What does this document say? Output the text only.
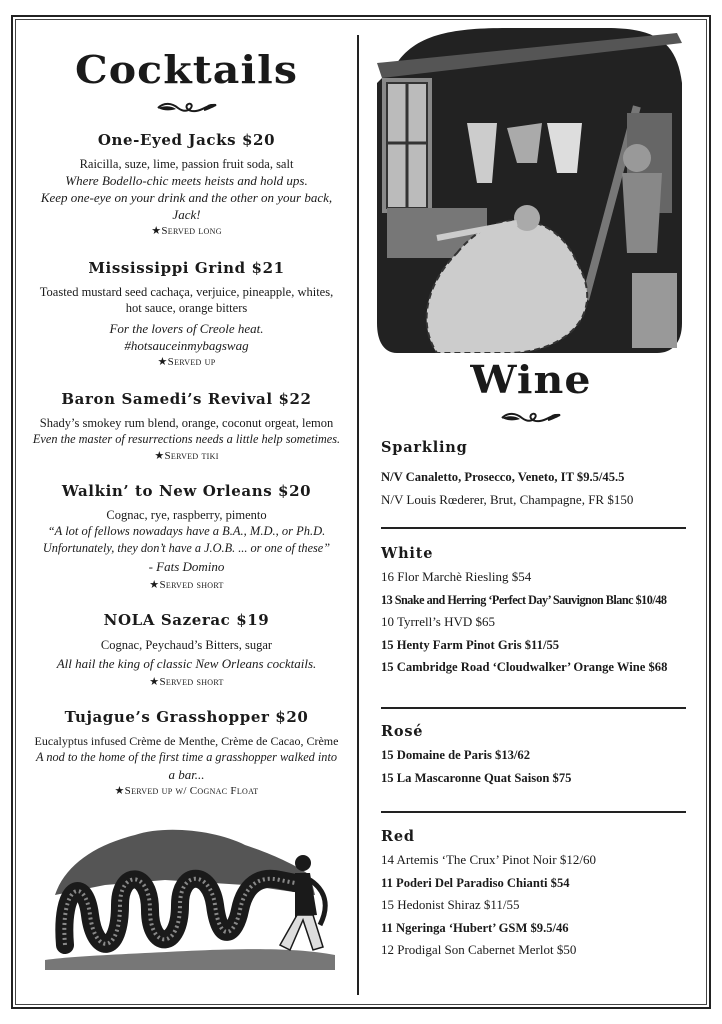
Cocktails
One-Eyed Jacks $20
Raicilla, suze, lime, passion fruit soda, salt
Where Bodello-chic meets heists and hold ups.
Keep one-eye on your drink and the other on your back,
Jack!
★Served long
Mississippi Grind $21
Toasted mustard seed cachaça, verjuice, pineapple, whites,
hot sauce, orange bitters
For the lovers of Creole heat.
#hotsauceinmybagswag
★Served up
Baron Samedi’s Revival $22
Shady’s smokey rum blend, orange, coconut orgeat, lemon
Even the master of resurrections needs a little help sometimes.
★Served tiki
Walkin’ to New Orleans $20
Cognac, rye, raspberry, pimento
“A lot of fellows nowadays have a B.A., M.D., or Ph.D.
Unfortunately, they don’t have a J.O.B. ... or one of these”
- Fats Domino
★Served short
NOLA Sazerac $19
Cognac, Peychaud’s Bitters, sugar
All hail the king of classic New Orleans cocktails.
★Served short
Tujague’s Grasshopper $20
Eucalyptus infused Crème de Menthe, Crème de Cacao, Crème
A nod to the home of the first time a grasshopper walked into
a bar...
★Served up w/ Cognac Float
Wine
Sparkling
N/V Canaletto, Prosecco, Veneto, IT $9.5/45.5
N/V Louis Rœderer, Brut, Champagne, FR $150
White
16 Flor Marchè Riesling $54
13 Snake and Herring ‘Perfect Day’ Sauvignon Blanc $10/48
10 Tyrrell’s HVD $65
15 Henty Farm Pinot Gris $11/55
15 Cambridge Road ‘Cloudwalker’ Orange Wine $68
Rosé
15 Domaine de Paris $13/62
15 La Mascaronne Quat Saison $75
Red
14 Artemis ‘The Crux’ Pinot Noir $12/60
11 Poderi Del Paradiso Chianti $54
15 Hedonist Shiraz $11/55
11 Ngeringa ‘Hubert’ GSM $9.5/46
12 Prodigal Son Cabernet Merlot $50
